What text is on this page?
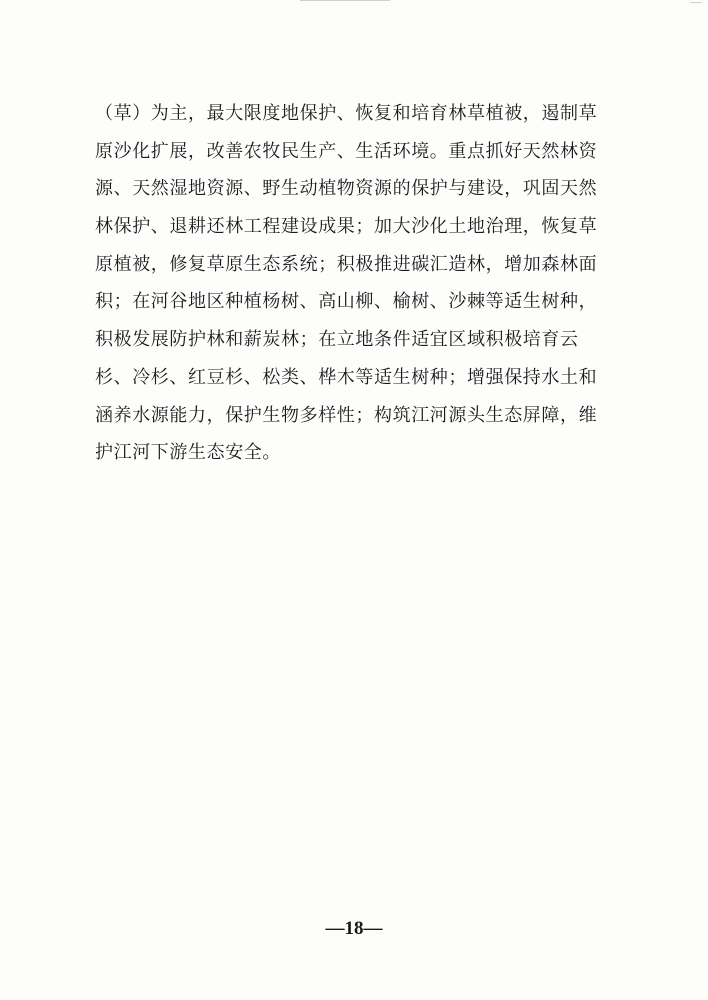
（草）为主，最大限度地保护、恢复和培育林草植被，遏制草
原沙化扩展，改善农牧民生产、生活环境。重点抓好天然林资
源、天然湿地资源、野生动植物资源的保护与建设，巩固天然
林保护、退耕还林工程建设成果；加大沙化土地治理，恢复草
原植被，修复草原生态系统；积极推进碳汇造林，增加森林面
积；在河谷地区种植杨树、高山柳、榆树、沙棘等适生树种，
积极发展防护林和薪炭林；在立地条件适宜区域积极培育云
杉、冷杉、红豆杉、松类、桦木等适生树种；增强保持水土和
涵养水源能力，保护生物多样性；构筑江河源头生态屏障，维
护江河下游生态安全。
—18—
